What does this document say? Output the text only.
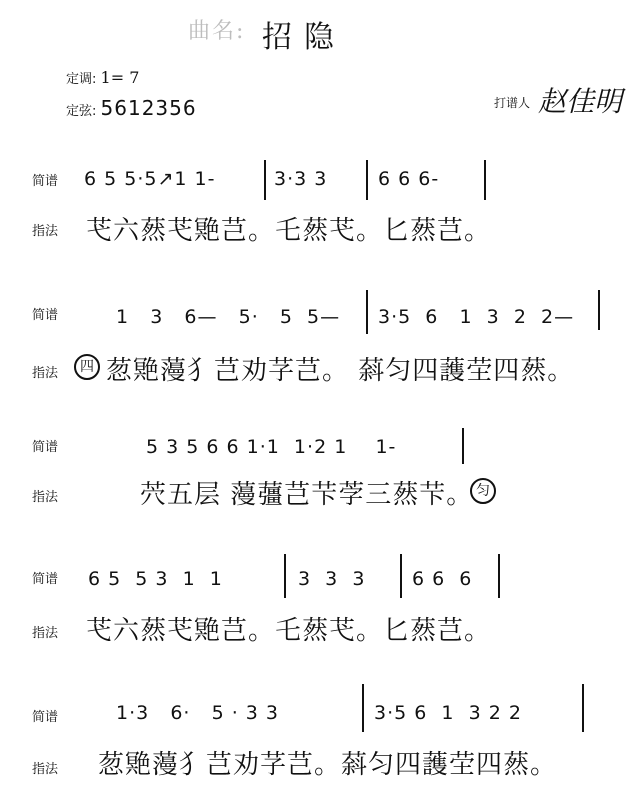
曲名: 招隐
定调: 1= 7
定弦: 5612356	打谱人 赵佳明
简谱 6 5 5·5↗1 1-	3·3 3	6 6 6-
指法 芅六䔳芅䒌芑。乇䔳芅。匕䔳芑。
简谱	1   3   6—   5·   5  5— 3·5  6   1  3  2  2—
指法	四 䓤䒌䕕犭芑劝芓芑。 䔑匀四䕶茔四䔳。
简谱	5 3 5 6 6 1·1  1·2 1    1-
指法	茓五层 䕕䕬芑芐茡三䔳芐。 匀
简谱 6 5  5 3  1  1	3  3  3 6 6  6
指法 芅六䔳芅䒌芑。乇䔳芅。匕䔳芑。
简谱	1·3   6·   5 · 3 3	3·5 6  1  3 2 2
指法 䓤䒌䕕犭芑劝芓芑。䔑匀四䕶茔四䔳。
